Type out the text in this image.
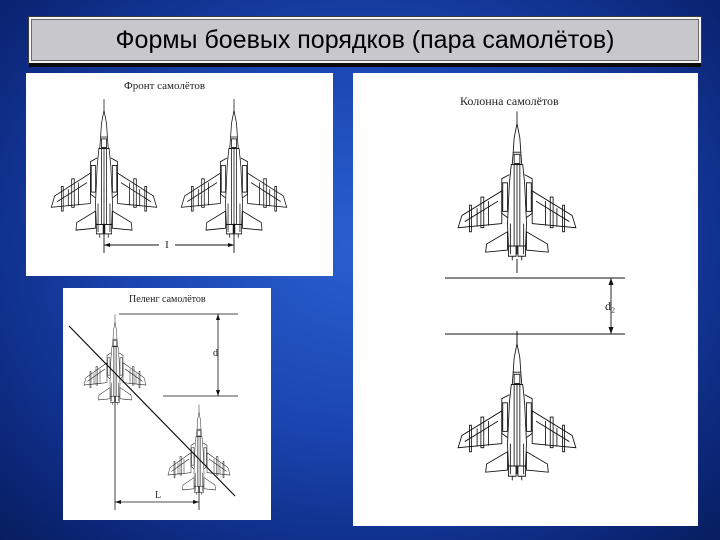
Формы боевых порядков (пара самолётов)
Фронт самолётов
I
Пеленг самолётов
d
L
Колонна самолётов
d₂
